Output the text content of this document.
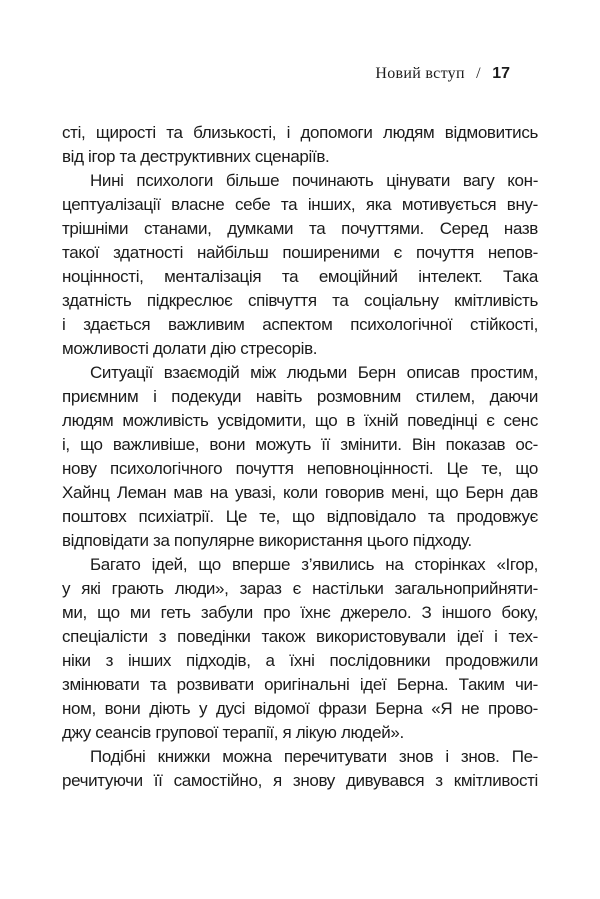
Новий вступ / 17
сті, щирості та близькості, і допомоги людям відмовитись
від ігор та деструктивних сценаріїв.
Нині психологи більше починають цінувати вагу кон-
цептуалізації власне себе та інших, яка мотивується вну-
трішніми станами, думками та почуттями. Серед назв
такої здатності найбільш поширеними є почуття непов-
ноцінності, менталізація та емоційний інтелект. Така
здатність підкреслює співчуття та соціальну кмітливість
і здається важливим аспектом психологічної стійкості,
можливості долати дію стресорів.
Ситуації взаємодій між людьми Берн описав простим,
приємним і подекуди навіть розмовним стилем, даючи
людям можливість усвідомити, що в їхній поведінці є сенс
і, що важливіше, вони можуть її змінити. Він показав ос-
нову психологічного почуття неповноцінності. Це те, що
Хайнц Леман мав на увазі, коли говорив мені, що Берн дав
поштовх психіатрії. Це те, що відповідало та продовжує
відповідати за популярне використання цього підходу.
Багато ідей, що вперше з’явились на сторінках «Ігор,
у які грають люди», зараз є настільки загальноприйняти-
ми, що ми геть забули про їхнє джерело. З іншого боку,
спеціалісти з поведінки також використовували ідеї і тех-
ніки з інших підходів, а їхні послідовники продовжили
змінювати та розвивати оригінальні ідеї Берна. Таким чи-
ном, вони діють у дусі відомої фрази Берна «Я не прово-
джу сеансів групової терапії, я лікую людей».
Подібні книжки можна перечитувати знов і знов. Пе-
речитуючи її самостійно, я знову дивувався з кмітливості
